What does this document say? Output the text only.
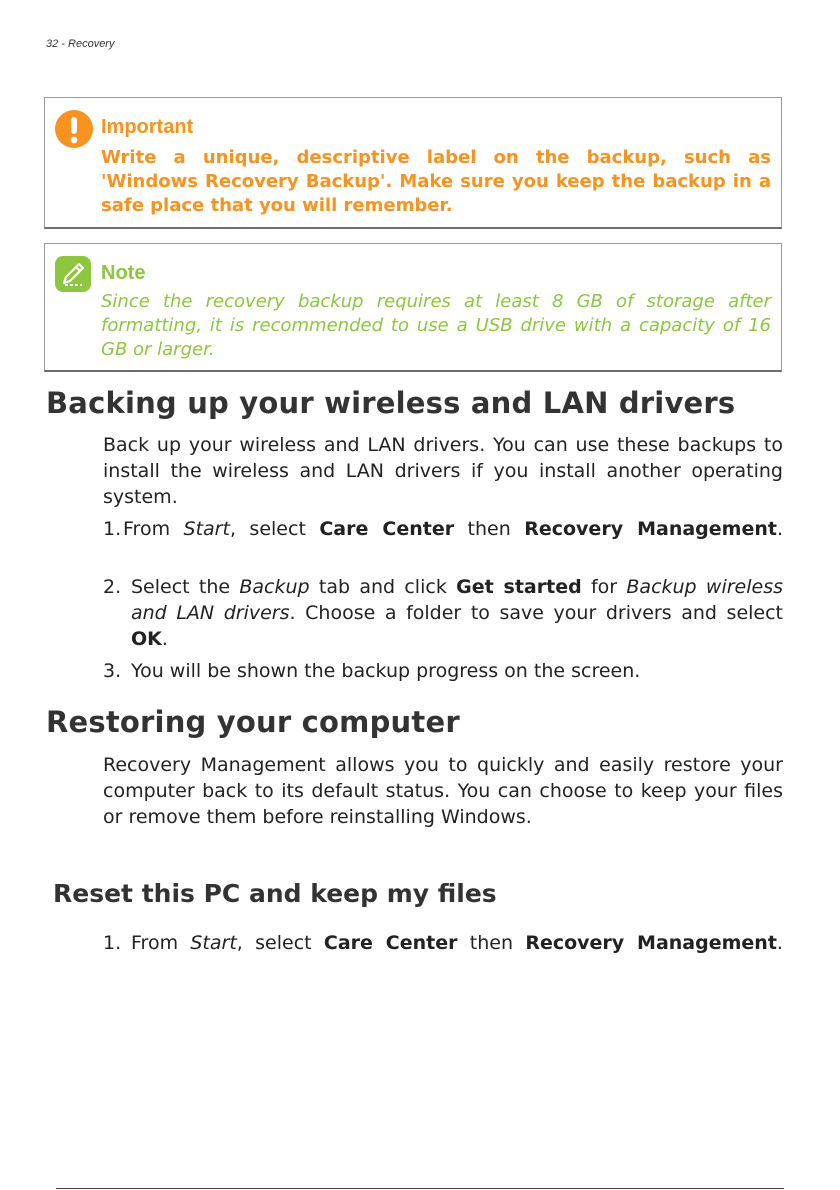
32 - Recovery
Important
Write a unique, descriptive label on the backup, such as 'Windows Recovery Backup'. Make sure you keep the backup in a safe place that you will remember.
Note
Since the recovery backup requires at least 8 GB of storage after formatting, it is recommended to use a USB drive with a capacity of 16 GB or larger.
Backing up your wireless and LAN drivers
Back up your wireless and LAN drivers. You can use these backups to install the wireless and LAN drivers if you install another operating system.
1. From Start, select Care Center then Recovery Management.
2. Select the Backup tab and click Get started for Backup wireless and LAN drivers. Choose a folder to save your drivers and select OK.
3. You will be shown the backup progress on the screen.
Restoring your computer
Recovery Management allows you to quickly and easily restore your computer back to its default status. You can choose to keep your files or remove them before reinstalling Windows.
Reset this PC and keep my files
1. From Start, select Care Center then Recovery Management.
